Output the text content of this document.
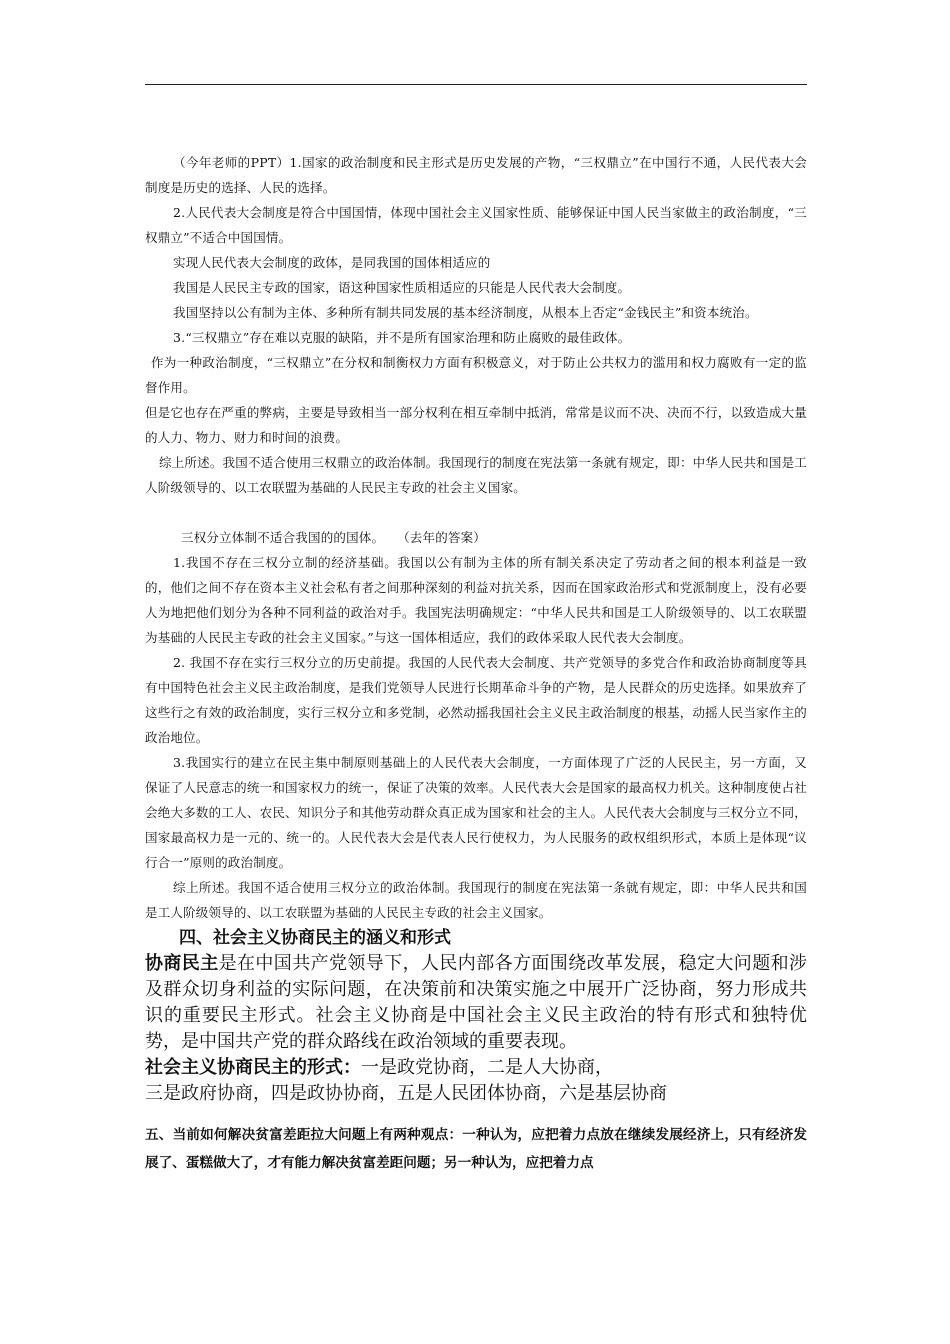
（今年老师的PPT）1.国家的政治制度和民主形式是历史发展的产物，“三权鼎立”在中国行不通，人民代表大会制度是历史的选择、人民的选择。

2.人民代表大会制度是符合中国国情，体现中国社会主义国家性质、能够保证中国人民当家做主的政治制度，“三权鼎立”不适合中国国情。

实现人民代表大会制度的政体，是同我国的国体相适应的

我国是人民民主专政的国家，语这种国家性质相适应的只能是人民代表大会制度。

我国坚持以公有制为主体、多种所有制共同发展的基本经济制度，从根本上否定“金钱民主”和资本统治。

3.“三权鼎立”存在难以克服的缺陷，并不是所有国家治理和防止腐败的最佳政体。

作为一种政治制度，“三权鼎立”在分权和制衡权力方面有积极意义，对于防止公共权力的滥用和权力腐败有一定的监督作用。

但是它也存在严重的弊病，主要是导致相当一部分权利在相互牵制中抵消，常常是议而不决、决而不行，以致造成大量的人力、物力、财力和时间的浪费。

综上所述。我国不适合使用三权鼎立的政治体制。我国现行的制度在宪法第一条就有规定，即：中华人民共和国是工人阶级领导的、以工农联盟为基础的人民民主专政的社会主义国家。

三权分立体制不适合我国的的国体。　　（去年的答案）

1.我国不存在三权分立制的经济基础。我国以公有制为主体的所有制关系决定了劳动者之间的根本利益是一致的，他们之间不存在资本主义社会私有者之间那种深刻的利益对抗关系，因而在国家政治形式和党派制度上，没有必要人为地把他们划分为各种不同利益的政治对手。我国宪法明确规定：“中华人民共和国是工人阶级领导的、以工农联盟为基础的人民民主专政的社会主义国家。”与这一国体相适应，我们的政体采取人民代表大会制度。

2. 我国不存在实行三权分立的历史前提。我国的人民代表大会制度、共产党领导的多党合作和政治协商制度等具有中国特色社会主义民主政治制度，是我们党领导人民进行长期革命斗争的产物，是人民群众的历史选择。如果放弃了这些行之有效的政治制度，实行三权分立和多党制，必然动摇我国社会主义民主政治制度的根基，动摇人民当家作主的政治地位。

3.我国实行的建立在民主集中制原则基础上的人民代表大会制度，一方面体现了广泛的人民民主，另一方面，又保证了人民意志的统一和国家权力的统一，保证了决策的效率。人民代表大会是国家的最高权力机关。这种制度使占社会绝大多数的工人、农民、知识分子和其他劳动群众真正成为国家和社会的主人。人民代表大会制度与三权分立不同，国家最高权力是一元的、统一的。人民代表大会是代表人民行使权力，为人民服务的政权组织形式，本质上是体现“议行合一”原则的政治制度。

综上所述。我国不适合使用三权分立的政治体制。我国现行的制度在宪法第一条就有规定，即：中华人民共和国是工人阶级领导的、以工农联盟为基础的人民民主专政的社会主义国家。

四、社会主义协商民主的涵义和形式

协商民主是在中国共产党领导下，人民内部各方面围绕改革发展，稳定大问题和涉及群众切身利益的实际问题，在决策前和决策实施之中展开广泛协商，努力形成共识的重要民主形式。社会主义协商是中国社会主义民主政治的特有形式和独特优势，是中国共产党的群众路线在政治领域的重要表现。

社会主义协商民主的形式：一是政党协商，二是人大协商，

三是政府协商，四是政协协商，五是人民团体协商，六是基层协商

五、当前如何解决贫富差距拉大问题上有两种观点：一种认为，应把着力点放在继续发展经济上，只有经济发展了、蛋糕做大了，才有能力解决贫富差距问题；另一种认为，应把着力点
